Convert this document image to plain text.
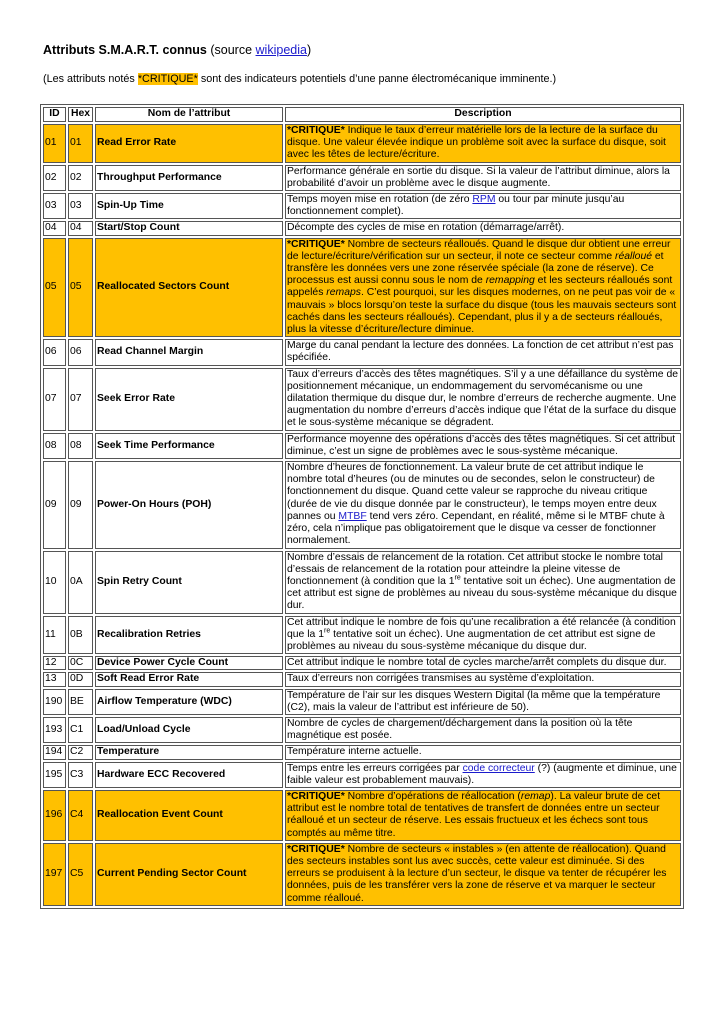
Attributs S.M.A.R.T. connus (source wikipedia)
(Les attributs notés *CRITIQUE* sont des indicateurs potentiels d’une panne électromécanique imminente.)
ID	Hex	Nom de l’attribut	Description
01	01	Read Error Rate	*CRITIQUE* Indique le taux d’erreur matérielle lors de la lecture de la surface du disque. Une valeur élevée indique un problème soit avec la surface du disque, soit avec les têtes de lecture/écriture.
02	02	Throughput Performance	Performance générale en sortie du disque. Si la valeur de l’attribut diminue, alors la probabilité d’avoir un problème avec le disque augmente.
03	03	Spin-Up Time	Temps moyen mise en rotation (de zéro RPM ou tour par minute jusqu’au fonctionnement complet).
04	04	Start/Stop Count	Décompte des cycles de mise en rotation (démarrage/arrêt).
05	05	Reallocated Sectors Count	*CRITIQUE* Nombre de secteurs réalloués. Quand le disque dur obtient une erreur de lecture/écriture/vérification sur un secteur, il note ce secteur comme réalloué et transfère les données vers une zone réservée spéciale (la zone de réserve). Ce processus est aussi connu sous le nom de remapping et les secteurs réalloués sont appelés remaps. C’est pourquoi, sur les disques modernes, on ne peut pas voir de « mauvais » blocs lorsqu’on teste la surface du disque (tous les mauvais secteurs sont cachés dans les secteurs réalloués). Cependant, plus il y a de secteurs réalloués, plus la vitesse d’écriture/lecture diminue.
06	06	Read Channel Margin	Marge du canal pendant la lecture des données. La fonction de cet attribut n’est pas spécifiée.
07	07	Seek Error Rate	Taux d’erreurs d’accès des têtes magnétiques. S’il y a une défaillance du système de positionnement mécanique, un endommagement du servomécanisme ou une dilatation thermique du disque dur, le nombre d’erreurs de recherche augmente. Une augmentation du nombre d’erreurs d’accès indique que l’état de la surface du disque et le sous-système mécanique se dégradent.
08	08	Seek Time Performance	Performance moyenne des opérations d’accès des têtes magnétiques. Si cet attribut diminue, c’est un signe de problèmes avec le sous-système mécanique.
09	09	Power-On Hours (POH)	Nombre d’heures de fonctionnement. La valeur brute de cet attribut indique le nombre total d’heures (ou de minutes ou de secondes, selon le constructeur) de fonctionnement du disque. Quand cette valeur se rapproche du niveau critique (durée de vie du disque donnée par le constructeur), le temps moyen entre deux pannes ou MTBF tend vers zéro. Cependant, en réalité, même si le MTBF chute à zéro, cela n’implique pas obligatoirement que le disque va cesser de fonctionner normalement.
10	0A	Spin Retry Count	Nombre d’essais de relancement de la rotation. Cet attribut stocke le nombre total d’essais de relancement de la rotation pour atteindre la pleine vitesse de fonctionnement (à condition que la 1re tentative soit un échec). Une augmentation de cet attribut est signe de problèmes au niveau du sous-système mécanique du disque dur.
11	0B	Recalibration Retries	Cet attribut indique le nombre de fois qu’une recalibration a été relancée (à condition que la 1re tentative soit un échec). Une augmentation de cet attribut est signe de problèmes au niveau du sous-système mécanique du disque dur.
12	0C	Device Power Cycle Count	Cet attribut indique le nombre total de cycles marche/arrêt complets du disque dur.
13	0D	Soft Read Error Rate	Taux d’erreurs non corrigées transmises au système d’exploitation.
190	BE	Airflow Temperature (WDC)	Température de l’air sur les disques Western Digital (la même que la température (C2), mais la valeur de l’attribut est inférieure de 50).
193	C1	Load/Unload Cycle	Nombre de cycles de chargement/déchargement dans la position où la tête magnétique est posée.
194	C2	Temperature	Température interne actuelle.
195	C3	Hardware ECC Recovered	Temps entre les erreurs corrigées par code correcteur (?) (augmente et diminue, une faible valeur est probablement mauvais).
196	C4	Reallocation Event Count	*CRITIQUE* Nombre d’opérations de réallocation (remap). La valeur brute de cet attribut est le nombre total de tentatives de transfert de données entre un secteur réalloué et un secteur de réserve. Les essais fructueux et les échecs sont tous comptés au même titre.
197	C5	Current Pending Sector Count	*CRITIQUE* Nombre de secteurs « instables » (en attente de réallocation). Quand des secteurs instables sont lus avec succès, cette valeur est diminuée. Si des erreurs se produisent à la lecture d’un secteur, le disque va tenter de récupérer les données, puis de les transférer vers la zone de réserve et va marquer le secteur comme réalloué.
